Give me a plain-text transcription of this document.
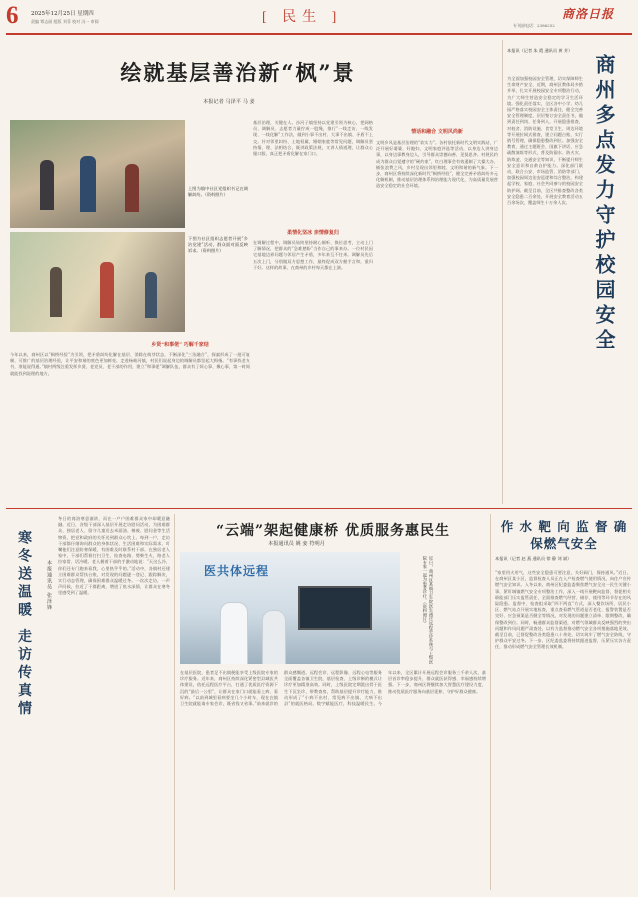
6 2025年12月25日 星期四
责编 覃志丽 组版 刘菲 校对 冯一 审阅	[ 民生 ]	商洛日报
专刊部电话：2386252
绘就基层善治新“枫”景
本报记者 马泽平 马 姜
上图为镇中社区党组织书记在调解纠纷。（资料照片）
下图为社区组织志愿者开展“乡治党建”活动，群众面对面反映诉求。（资料照片）
乡贤“和事佬” 巧解千家结
今年以来，商州区以“枫桥经验”为引领，把矛盾纠纷化解在基层、消除在萌芽状态，不断深化“三治融合”，探索形成了一批可复制、可推广的基层治理经验，让平安和谐的底色更加鲜亮。走进杨峪河镇，村民们说起身边的调解员都竖起大拇指。“有事找老支书，准能说得通。”镇村两级注重发挥乡贤、老党员、老干部的作用，建立“和事佬”调解队伍，群众有了烦心事、揪心事，第一时间就能找到说理的地方。
基层治理，关键在人。沙河子镇坚持以党建引领为核心，把网格员、调解员、志愿者力量拧成一股绳，推行“一线走访、一线发现、一线化解”工作法，做到小事不出村、大事不出镇、矛盾不上交。针对邻里纠纷、土地权属、婚姻家庭等常见问题，调解员坚持情、理、法相结合，既讲政策法规，又讲人情道理，让群众心服口服，真正把矛盾化解在家门口。
柔情化坚冰 亲情修复归
在调解过程中，调解员始终坚持耐心倾听、换位思考，主动上门了解情况，把群众的“急难愁盼”当作自己的事来办。一位村民因宅基地边界问题与邻居产生矛盾，多年来互不往来。调解员先后五次上门，分别做双方思想工作，最终促成双方握手言和，重归于好。这样的故事，在商州的乡村每天都在上演。
情话和融合 文明风尚新
文明乡风是基层治理的“软实力”。各村依托新时代文明实践站，广泛开展好婆婆、好媳妇、文明家庭评选等活动，以身边人讲身边事，以身边事教身边人，引导群众崇德向善、见贤思齐。村规民约成为群众自觉遵守的“硬约束”，红白理事会有效遏制了大操大办、铺张浪费之风，乡村呈现出邻里和睦、文明和谐的新气象。下一步，商州区将持续深化新时代“枫桥经验”，健全完善矛盾纠纷多元化解机制，推动基层治理体系和治理能力现代化，为高质量发展营造安全稳定的社会环境。
本报讯（记者 朱 霞 通讯员 黄 芳）
商州多点发力守护校园安全
为全面加强校园安全管理，切实保障师生生命财产安全，近期，商州区教体局多措并举，扎实开展校园安全专项整治行动，为广大师生营造安全稳定的学习生活环境。强化责任落实，全区各中小学、幼儿园严格落实校园安全主体责任，健全完善安全管理制度，层层签订安全责任书，做到责任到岗、任务到人。开展隐患排查，对校舍、消防设施、食堂卫生、周边环境等开展拉网式排查，建立问题台账，实行销号管理，确保隐患整改到位。加强安全教育，通过主题班会、国旗下讲话、应急疏散演练等形式，普及防溺水、防火灾、防欺凌、交通安全等知识，不断提升师生安全意识和自救自护能力。深化部门联动，联合公安、市场监管、消防等部门，加强校园周边治安巡逻和综合整治，构建起学校、家庭、社会共同参与的校园安全防护网。截至目前，全区共排查整改各类安全隐患二百余处，开展安全教育活动五百余场次，覆盖师生十万余人次。
寒冬送温暖 走访传真情	本报通讯员 张泽锋
冬日的商洛寒意渐浓，而在一户户困难群众家中却暖意融融。近日，各级干部深入基层开展走访慰问活动，为困难群众、独居老人、留守儿童送去米面油、棉被、慰问金等生活物资，把党和政府的关怀送到群众心坎上。每到一户，走访干部都仔细询问群众的身体状况、生活困难和实际需求，叮嘱他们注意防寒保暖，有困难及时联系村干部。在独居老人家中，干部们帮着打扫卫生、检查电路、劈柴生火，陪老人拉家常、话冷暖。老人握着干部的手激动地说：“天这么冷，你们还专门跑来看我，心里热乎乎的。”活动中，各镇村还建立困难群众帮扶台账，对发现的问题逐一登记、跟踪解决，实行动态管理，确保困难群众温暖过冬。一次次走访，一声声问候，拉近了干群距离，增进了鱼水深情，让群众在寒冬里感受到了温暖。
“云端”架起健康桥 优质服务惠民生
本报通讯员 姚 娈 符明月
医共体远程	近日，商州区某镇卫生院医生通过远程会诊系统与上级医院专家一起为患者诊疗。（资料照片）
在基层医院，患者足不出镇便能享受上级医院专家的诊疗服务。近年来，商州区持续深化紧密型县域医共体建设，依托远程医疗平台，打通了优质医疗资源下沉的“最后一公里”，让群众在家门口就能看上病、看好病。“以前到城里看病要坐几个小时车，现在在镇卫生院就能请专家会诊，既省钱又省事。”前来就诊的群众感慨道。远程会诊、远程影像、远程心电等服务全面覆盖各镇卫生院，基层检查、上级诊断的模式让诊疗更加精准高效。同时，上级医院定期派出骨干医生下沉坐诊、带教查房，帮助基层提升诊疗能力，推动形成了“小病不出村、常见病不出镇、大病不出县”的就医格局。数字赋能医疗，科技温暖民生。今年以来，全区累计开展远程会诊服务三千余人次，基层首诊率稳步提升，群众就医获得感、幸福感持续增强。下一步，商州区将继续加大智慧医疗建设力度，推动优质医疗服务向基层延伸，守护好群众健康。
作 水 靶 向 监 督 确保燃气安全
本报讯（记者 赵 燕 通讯员 徐 静 刘 斌）
“家里用火用气，这些安全隐患可要注意，关好阀门，保持通风。”近日，在商州区某小区，监督检查人员正在入户检查燃气使用情况，向住户宣传燃气安全知识。入冬以来，商州区纪委监委聚焦燃气安全这一民生关键小事，紧盯城镇燃气安全专项整治工作，深入一线开展靶向监督，督促相关职能部门压实监管责任，全面排查燃气经营、储存、使用等环节存在的风险隐患。监督中，检查组采取“四不两直”方式，深入餐饮场所、居民小区、燃气站点开展实地检查，重点查看燃气管道是否老化、报警装置是否完好、应急预案是否健全等情况，对发现的问题建立清单、限期整改，确保整改到位。同时，畅通群众监督渠道，对燃气领域群众反映强烈的突出问题和作风问题严肃查处，以有力监督推动燃气安全各项措施落地见效。截至目前，已督促整改各类隐患八十余处，切实筑牢了燃气安全防线，守护群众平安过冬。下一步，区纪委监委将持续跟进监督，压紧压实各方责任，推动形成燃气安全管理长效机制。
